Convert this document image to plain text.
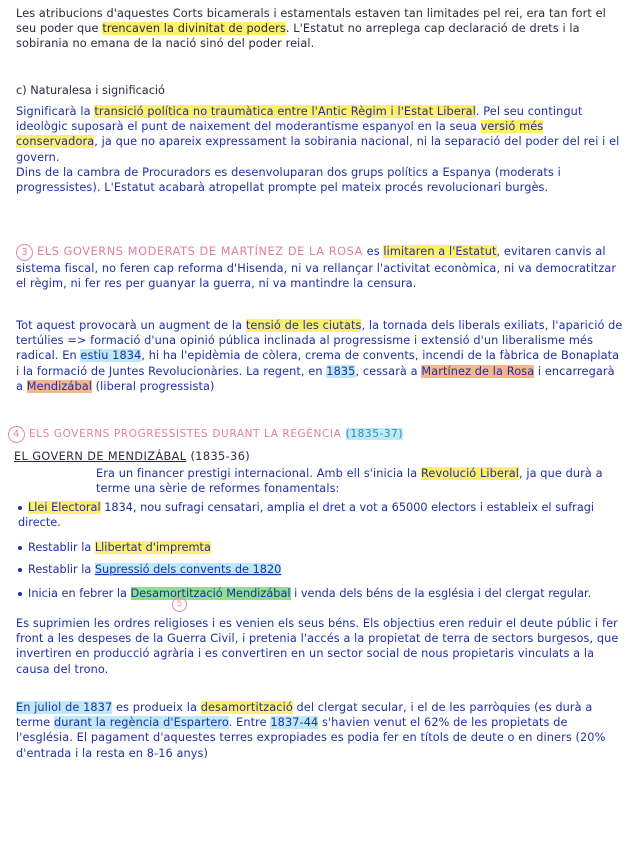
Les atribucions d'aquestes Corts bicamerals i estamentals estaven tan limitades pel rei, era tan fort el seu poder que trencaven la divinitat de poders. L'Estatut no arreplega cap declaració de drets i la sobirania no emana de la nació sinó del poder reial.
c) Naturalesa i significació
Significarà la transició política no traumàtica entre l'Antic Règim i l'Estat Liberal. Pel seu contingut ideològic suposarà el punt de naixement del moderantisme espanyol en la seua versió més conservadora, ja que no apareix expressament la sobirania nacional, ni la separació del poder del rei i el govern.
Dins de la cambra de Procuradors es desenvoluparan dos grups polítics a Espanya (moderats i progressistes). L'Estatut acabarà atropellat prompte pel mateix procés revolucionari burgès.
3 ELS GOVERNS MODERATS DE MARTÍNEZ DE LA ROSA es limitaren a l'Estatut, evitaren canvis al sistema fiscal, no feren cap reforma d'Hisenda, ni va rellançar l'activitat econòmica, ni va democratitzar el règim, ni fer res per guanyar la guerra, ni va mantindre la censura.
Tot aquest provocarà un augment de la tensió de les ciutats, la tornada dels liberals exiliats, l'aparició de tertúlies => formació d'una opinió pública inclinada al progressisme i extensió d'un liberalisme més radical. En estiu 1834, hi ha l'epidèmia de còlera, crema de convents, incendi de la fàbrica de Bonaplata i la formació de Juntes Revolucionàries. La regent, en 1835, cessarà a Martínez de la Rosa i encarregarà a Mendizábal (liberal progressista)
4 ELS GOVERNS PROGRESSISTES DURANT LA REGÈNCIA (1835-37)
EL GOVERN DE MENDIZÁBAL (1835-36)
Era un financer prestigi internacional. Amb ell s'inicia la Revolució Liberal, ja que durà a terme una sèrie de reformes fonamentals:
Llei Electoral 1834, nou sufragi censatari, amplia el dret a vot a 65000 electors i estableix el sufragi directe.
Restablir la Llibertat d'impremta
Restablir la Supressió dels convents de 1820
Inicia en febrer la Desamortització Mendizábal i venda dels béns de la església i del clergat regular.
5
Es suprimien les ordres religioses i es venien els seus béns. Els objectius eren reduir el deute públic i fer front a les despeses de la Guerra Civil, i pretenia l'accés a la propietat de terra de sectors burgesos, que invertiren en producció agrària i es convertiren en un sector social de nous propietaris vinculats a la causa del trono.
En juliol de 1837 es produeix la desamortització del clergat secular, i el de les parròquies (es durà a terme durant la regència d'Espartero. Entre 1837-44 s'havien venut el 62% de les propietats de l'església. El pagament d'aquestes terres expropiades es podia fer en títols de deute o en diners (20% d'entrada i la resta en 8-16 anys)
